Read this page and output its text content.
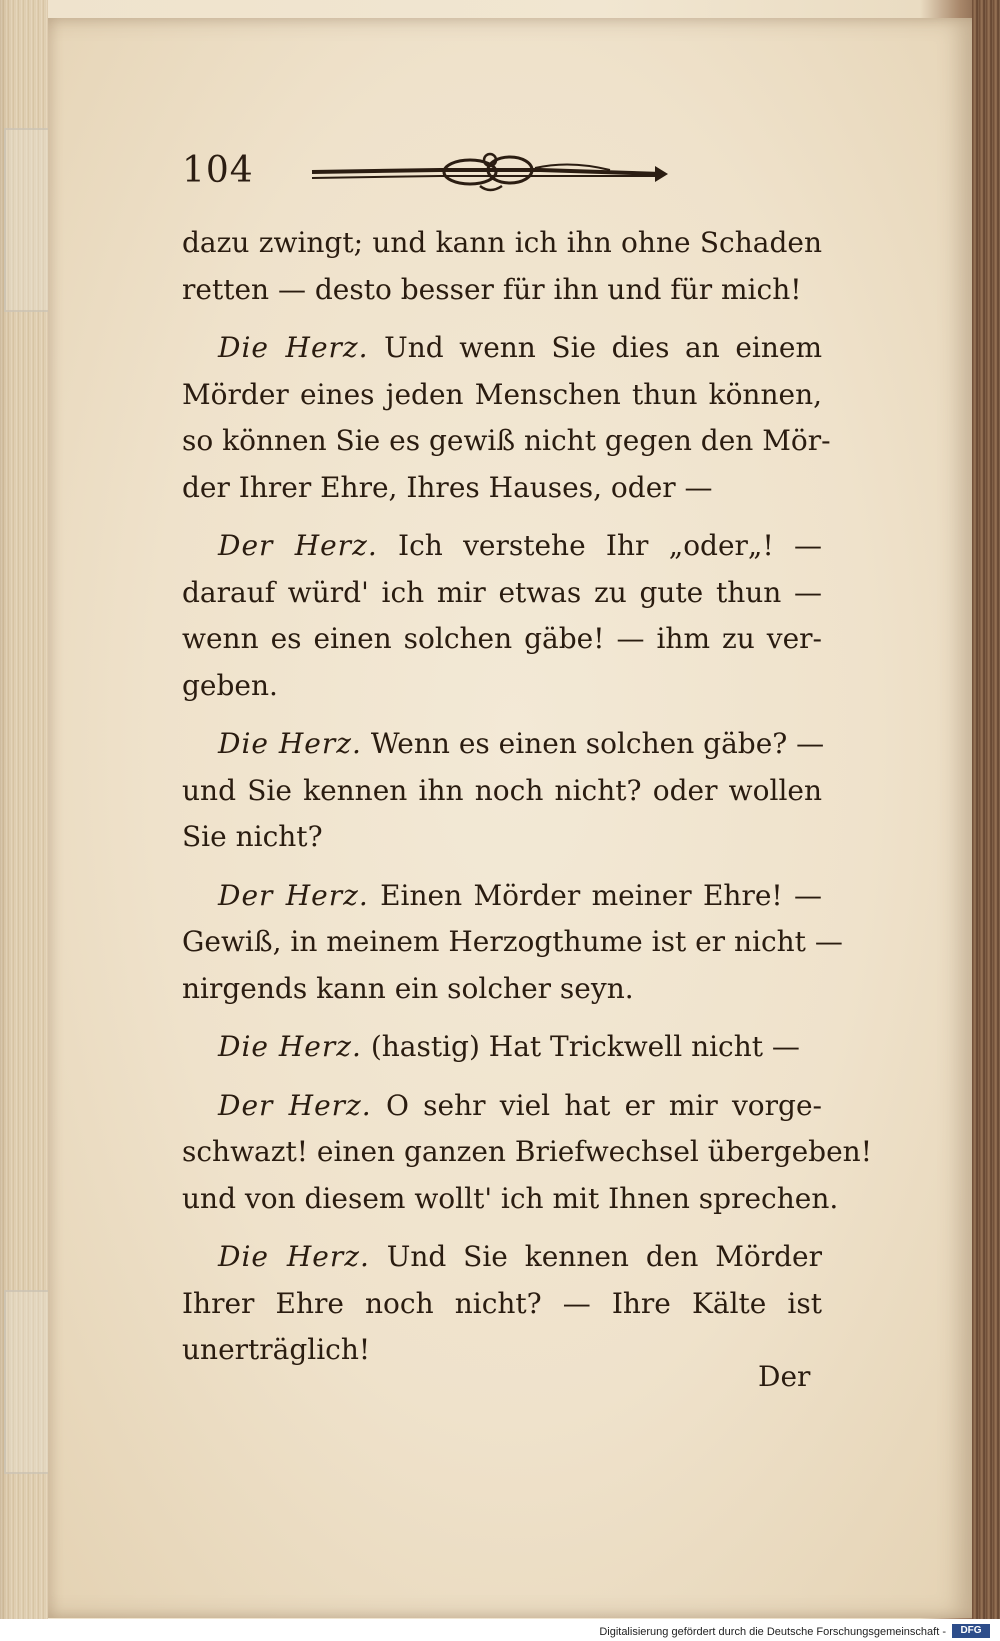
104
dazu zwingt; und kann ich ihn ohne Schaden
retten — desto besser für ihn und für mich!
Die Herz. Und wenn Sie dies an einem
Mörder eines jeden Menschen thun können,
so können Sie es gewiß nicht gegen den Mör-
der Ihrer Ehre, Ihres Hauses, oder —
Der Herz. Ich verstehe Ihr „oder„! —
darauf würd' ich mir etwas zu gute thun —
wenn es einen solchen gäbe! — ihm zu ver-
geben.
Die Herz. Wenn es einen solchen gäbe? —
und Sie kennen ihn noch nicht? oder wollen
Sie nicht?
Der Herz. Einen Mörder meiner Ehre! —
Gewiß, in meinem Herzogthume ist er nicht —
nirgends kann ein solcher seyn.
Die Herz. (hastig) Hat Trickwell nicht —
Der Herz. O sehr viel hat er mir vorge-
schwazt! einen ganzen Briefwechsel übergeben!
und von diesem wollt' ich mit Ihnen sprechen.
Die Herz. Und Sie kennen den Mörder
Ihrer Ehre noch nicht? — Ihre Kälte ist
unerträglich!
Der
Digitalisierung gefördert durch die Deutsche Forschungsgemeinschaft -	DFG
